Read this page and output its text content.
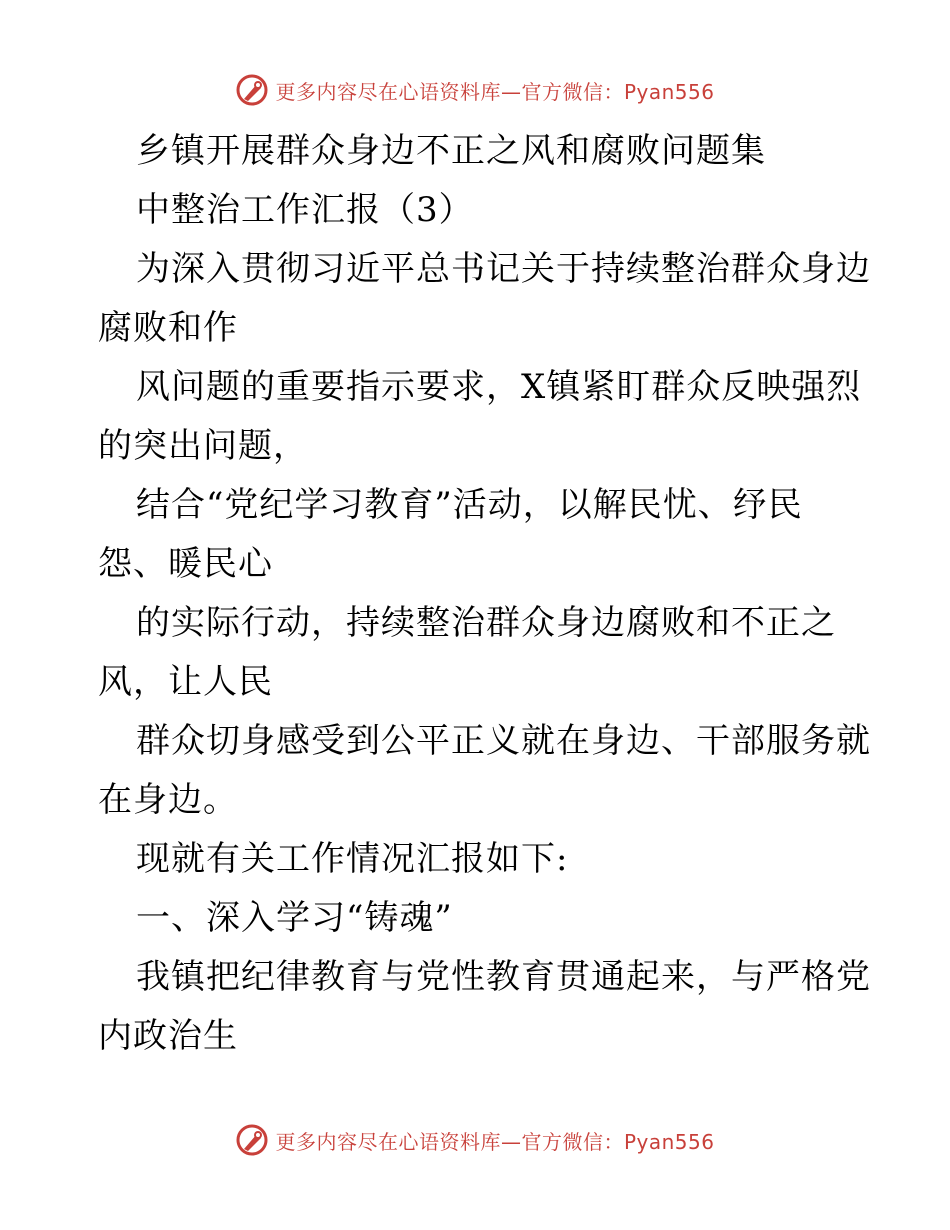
更多内容尽在心语资料库—官方微信：Pyan556
乡镇开展群众身边不正之风和腐败问题集
中整治工作汇报（3）
为深入贯彻习近平总书记关于持续整治群众身边
腐败和作
风问题的重要指示要求，X镇紧盯群众反映强烈
的突出问题，
结合“党纪学习教育”活动，以解民忧、纾民
怨、暖民心
的实际行动，持续整治群众身边腐败和不正之
风，让人民
群众切身感受到公平正义就在身边、干部服务就
在身边。
现就有关工作情况汇报如下:
一、深入学习“铸魂”
我镇把纪律教育与党性教育贯通起来，与严格党
内政治生
更多内容尽在心语资料库—官方微信：Pyan556
